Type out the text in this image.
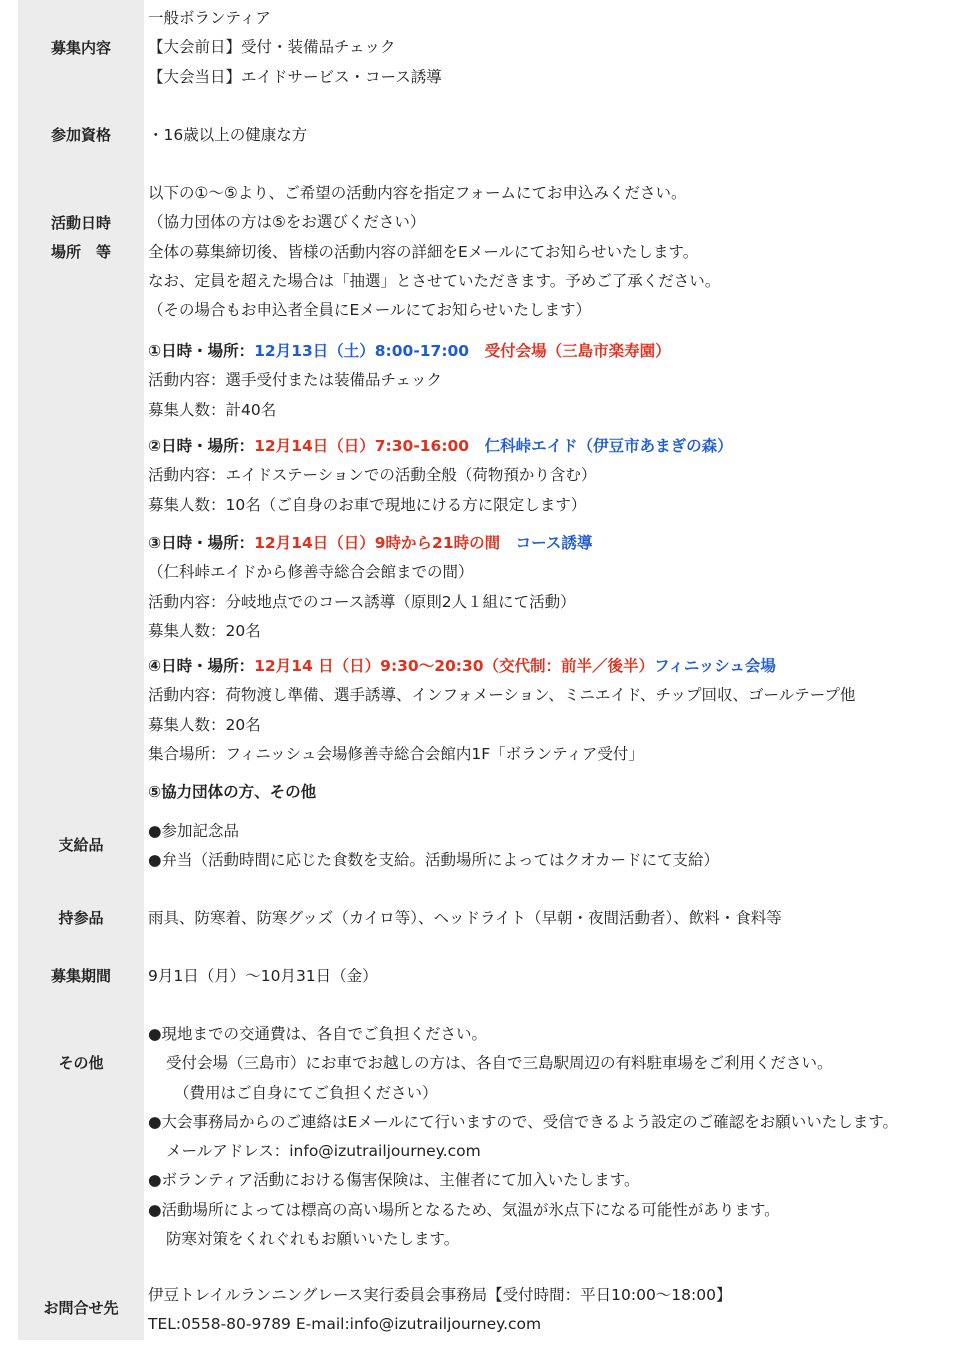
募集内容
参加資格
活動日時
場所　等
支給品
持参品
募集期間
その他
お問合せ先
一般ボランティア
【大会前日】受付・装備品チェック
【大会当日】エイドサービス・コース誘導
・16歳以上の健康な方
以下の①～⑤より、ご希望の活動内容を指定フォームにてお申込みください。
（協力団体の方は⑤をお選びください）
全体の募集締切後、皆様の活動内容の詳細をEメールにてお知らせいたします。
なお、定員を超えた場合は「抽選」とさせていただきます。予めご了承ください。
（その場合もお申込者全員にEメールにてお知らせいたします）
①日時・場所：12月13日（土）8:00-17:00　 受付会場（三島市楽寿園）
活動内容：選手受付または装備品チェック
募集人数：計40名
②日時・場所：12月14日（日）7:30-16:00　 仁科峠エイド（伊豆市あまぎの森）
活動内容：エイドステーションでの活動全般（荷物預かり含む）
募集人数：10名（ご自身のお車で現地にける方に限定します）
③日時・場所：12月14日（日）9時から21時の間　 コース誘導
（仁科峠エイドから修善寺総合会館までの間）
活動内容：分岐地点でのコース誘導（原則2人１組にて活動）
募集人数：20名
④日時・場所：12月14 日（日）9:30～20:30（交代制：前半／後半）フィニッシュ会場
活動内容：荷物渡し準備、選手誘導、インフォメーション、ミニエイド、チップ回収、ゴールテープ他
募集人数：20名
集合場所：フィニッシュ会場修善寺総合会館内1F「ボランティア受付」
⑤協力団体の方、その他
●参加記念品
●弁当（活動時間に応じた食数を支給。活動場所によってはクオカードにて支給）
雨具、防寒着、防寒グッズ（カイロ等）、ヘッドライト（早朝・夜間活動者）、飲料・食料等
9月1日（月）～10月31日（金）
●現地までの交通費は、各自でご負担ください。
受付会場（三島市）にお車でお越しの方は、各自で三島駅周辺の有料駐車場をご利用ください。
（費用はご自身にてご負担ください）
●大会事務局からのご連絡はEメールにて行いますので、受信できるよう設定のご確認をお願いいたします。
メールアドレス：info@izutrailjourney.com
●ボランティア活動における傷害保険は、主催者にて加入いたします。
●活動場所によっては標高の高い場所となるため、気温が氷点下になる可能性があります。
防寒対策をくれぐれもお願いいたします。
伊豆トレイルランニングレース実行委員会事務局【受付時間：平日10:00～18:00】
TEL:0558-80-9789 E-mail:info@izutrailjourney.com
